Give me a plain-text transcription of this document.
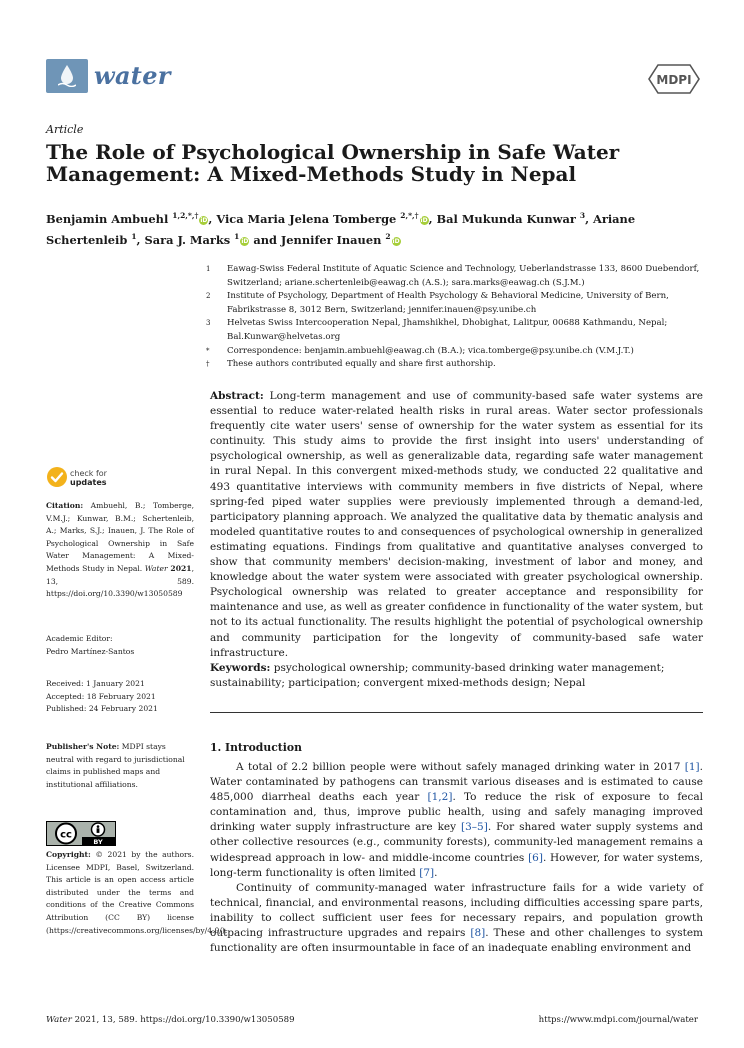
water	MDPI
Article
The Role of Psychological Ownership in Safe Water Management: A Mixed-Methods Study in Nepal
Benjamin Ambuehl $^{1,2,*,\dagger}$iD, Vica Maria Jelena Tomberge $^{2,*,\dagger}$iD, Bal Mukunda Kunwar $^3$, Ariane Schertenleib $^1$, Sara J. Marks $^1$iD and Jennifer Inauen $^2$iD
1	Eawag-Swiss Federal Institute of Aquatic Science and Technology, Ueberlandstrasse 133, 8600 Duebendorf, Switzerland; ariane.schertenleib@eawag.ch (A.S.); sara.marks@eawag.ch (S.J.M.)
2	Institute of Psychology, Department of Health Psychology & Behavioral Medicine, University of Bern, Fabrikstrasse 8, 3012 Bern, Switzerland; jennifer.inauen@psy.unibe.ch
3	Helvetas Swiss Intercooperation Nepal, Jhamshikhel, Dhobighat, Lalitpur, 00688 Kathmandu, Nepal; Bal.Kunwar@helvetas.org
*	Correspondence: benjamin.ambuehl@eawag.ch (B.A.); vica.tomberge@psy.unibe.ch (V.M.J.T.)
†	These authors contributed equally and share first authorship.
Abstract: Long-term management and use of community-based safe water systems are essential to reduce water-related health risks in rural areas. Water sector professionals frequently cite water users' sense of ownership for the water system as essential for its continuity. This study aims to provide the first insight into users' understanding of psychological ownership, as well as generalizable data, regarding safe water management in rural Nepal. In this convergent mixed-methods study, we conducted 22 qualitative and 493 quantitative interviews with community members in five districts of Nepal, where spring-fed piped water supplies were previously implemented through a demand-led, participatory planning approach. We analyzed the qualitative data by thematic analysis and modeled quantitative routes to and consequences of psychological ownership in generalized estimating equations. Findings from qualitative and quantitative analyses converged to show that community members' decision-making, investment of labor and money, and knowledge about the water system were associated with greater psychological ownership. Psychological ownership was related to greater acceptance and responsibility for maintenance and use, as well as greater confidence in functionality of the water system, but not to its actual functionality. The results highlight the potential of psychological ownership and community participation for the longevity of community-based safe water infrastructure.
Keywords: psychological ownership; community-based drinking water management; sustainability; participation; convergent mixed-methods design; Nepal
1. Introduction

A total of 2.2 billion people were without safely managed drinking water in 2017 [1]. Water contaminated by pathogens can transmit various diseases and is estimated to cause 485,000 diarrheal deaths each year [1,2]. To reduce the risk of exposure to fecal contamination and, thus, improve public health, using and safely managing improved drinking water supply infrastructure are key [3–5]. For shared water supply systems and other collective resources (e.g., community forests), community-led management remains a widespread approach in low- and middle-income countries [6]. However, for water systems, long-term functionality is often limited [7].

Continuity of community-managed water infrastructure fails for a wide variety of technical, financial, and environmental reasons, including difficulties accessing spare parts, inability to collect sufficient user fees for necessary repairs, and population growth outpacing infrastructure upgrades and repairs [8]. These and other challenges to system functionality are often insurmountable in face of an inadequate enabling environment and

check for
updates
Citation: Ambuehl, B.; Tomberge, V.M.J.; Kunwar, B.M.; Schertenleib, A.; Marks, S.J.; Inauen, J. The Role of Psychological Ownership in Safe Water Management: A Mixed-Methods Study in Nepal. Water 2021, 13, 589. https://doi.org/10.3390/w13050589
Academic Editor:
Pedro Martínez-Santos
Received: 1 January 2021
Accepted: 18 February 2021
Published: 24 February 2021
Publisher's Note: MDPI stays neutral with regard to jurisdictional claims in published maps and institutional affiliations.
cc
BY
Copyright: © 2021 by the authors. Licensee MDPI, Basel, Switzerland. This article is an open access article distributed under the terms and conditions of the Creative Commons Attribution (CC BY) license (https://creativecommons.org/licenses/by/4.0/).
Water 2021, 13, 589. https://doi.org/10.3390/w13050589	https://www.mdpi.com/journal/water
